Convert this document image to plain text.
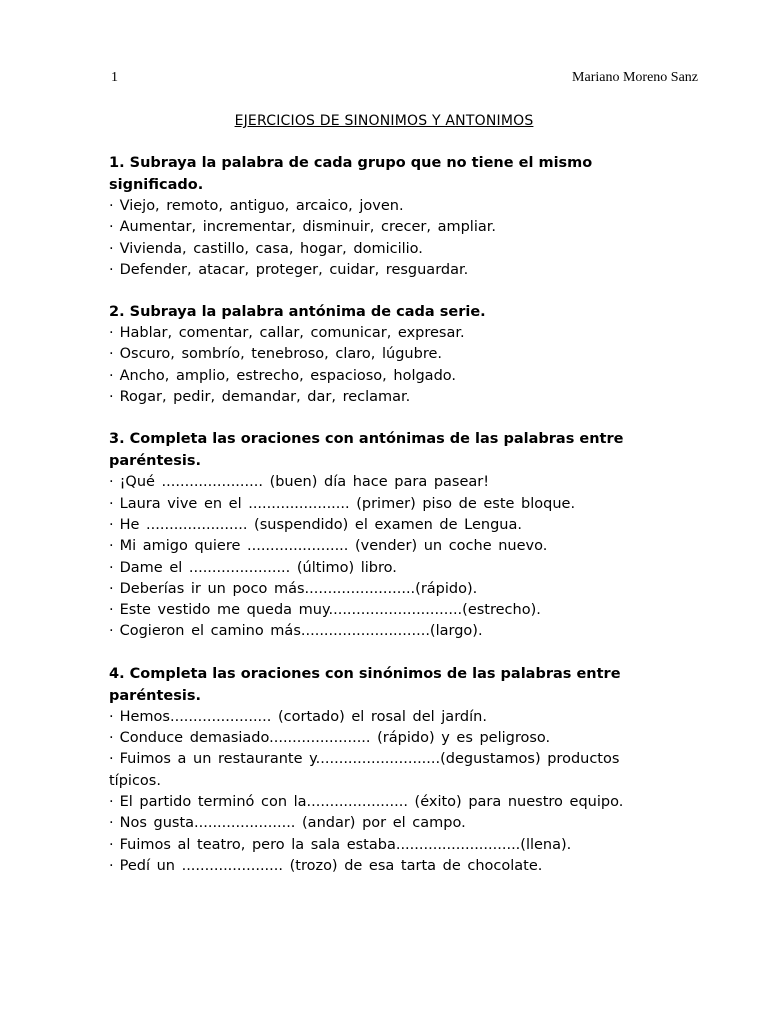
1	Mariano Moreno Sanz
EJERCICIOS DE SINONIMOS Y ANTONIMOS
1. Subraya la palabra de cada grupo que no tiene el mismo significado.
· Viejo, remoto, antiguo, arcaico, joven.
· Aumentar, incrementar, disminuir, crecer, ampliar.
· Vivienda, castillo, casa, hogar, domicilio.
· Defender, atacar, proteger, cuidar, resguardar.
2. Subraya la palabra antónima de cada serie.
· Hablar, comentar, callar, comunicar, expresar.
· Oscuro, sombrío, tenebroso, claro, lúgubre.
· Ancho, amplio, estrecho, espacioso, holgado.
· Rogar, pedir, demandar, dar, reclamar.
3. Completa las oraciones con antónimas de las palabras entre paréntesis.
· ¡Qué ...................... (buen) día hace para pasear!
· Laura vive en el ...................... (primer) piso de este bloque.
· He ...................... (suspendido) el examen de Lengua.
· Mi amigo quiere ...................... (vender) un coche nuevo.
· Dame el ...................... (último) libro.
· Deberías ir un poco más........................(rápido).
· Este vestido me queda muy.............................(estrecho).
· Cogieron el camino más............................(largo).
4. Completa las oraciones con sinónimos de las palabras entre paréntesis.
· Hemos...................... (cortado) el rosal del jardín.
· Conduce demasiado...................... (rápido) y es peligroso.
· Fuimos a un restaurante y...........................(degustamos) productos típicos.
· El partido terminó con la...................... (éxito) para nuestro equipo.
· Nos gusta...................... (andar) por el campo.
· Fuimos al teatro, pero la sala estaba...........................(llena).
· Pedí un ...................... (trozo) de esa tarta de chocolate.
